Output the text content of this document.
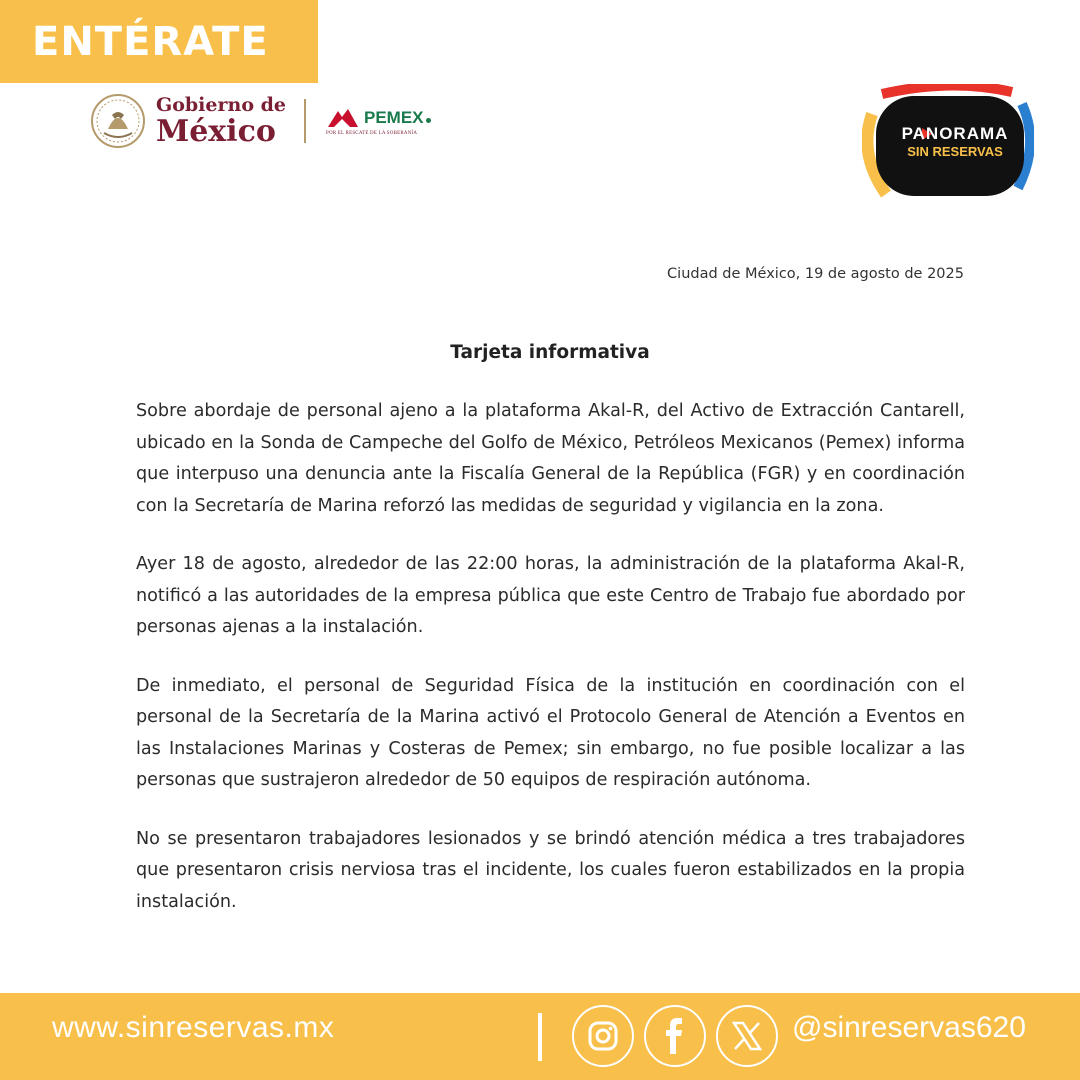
ENTÉRATE
Gobierno de
México	PEMEX
POR EL RESCATE DE LA SOBERANÍA	PANORAMA
SIN RESERVAS
Ciudad de México, 19 de agosto de 2025
Tarjeta informativa

Sobre abordaje de personal ajeno a la plataforma Akal-R, del Activo de Extracción Cantarell, ubicado en la Sonda de Campeche del Golfo de México, Petróleos Mexicanos (Pemex) informa que interpuso una denuncia ante la Fiscalía General de la República (FGR) y en coordinación con la Secretaría de Marina reforzó las medidas de seguridad y vigilancia en la zona.

Ayer 18 de agosto, alrededor de las 22:00 horas, la administración de la plataforma Akal-R, notificó a las autoridades de la empresa pública que este Centro de Trabajo fue abordado por personas ajenas a la instalación.

De inmediato, el personal de Seguridad Física de la institución en coordinación con el personal de la Secretaría de la Marina activó el Protocolo General de Atención a Eventos en las Instalaciones Marinas y Costeras de Pemex; sin embargo, no fue posible localizar a las personas que sustrajeron alrededor de 50 equipos de respiración autónoma.

No se presentaron trabajadores lesionados y se brindó atención médica a tres trabajadores que presentaron crisis nerviosa tras el incidente, los cuales fueron estabilizados en la propia instalación.

www.sinreservas.mx	@sinreservas620
